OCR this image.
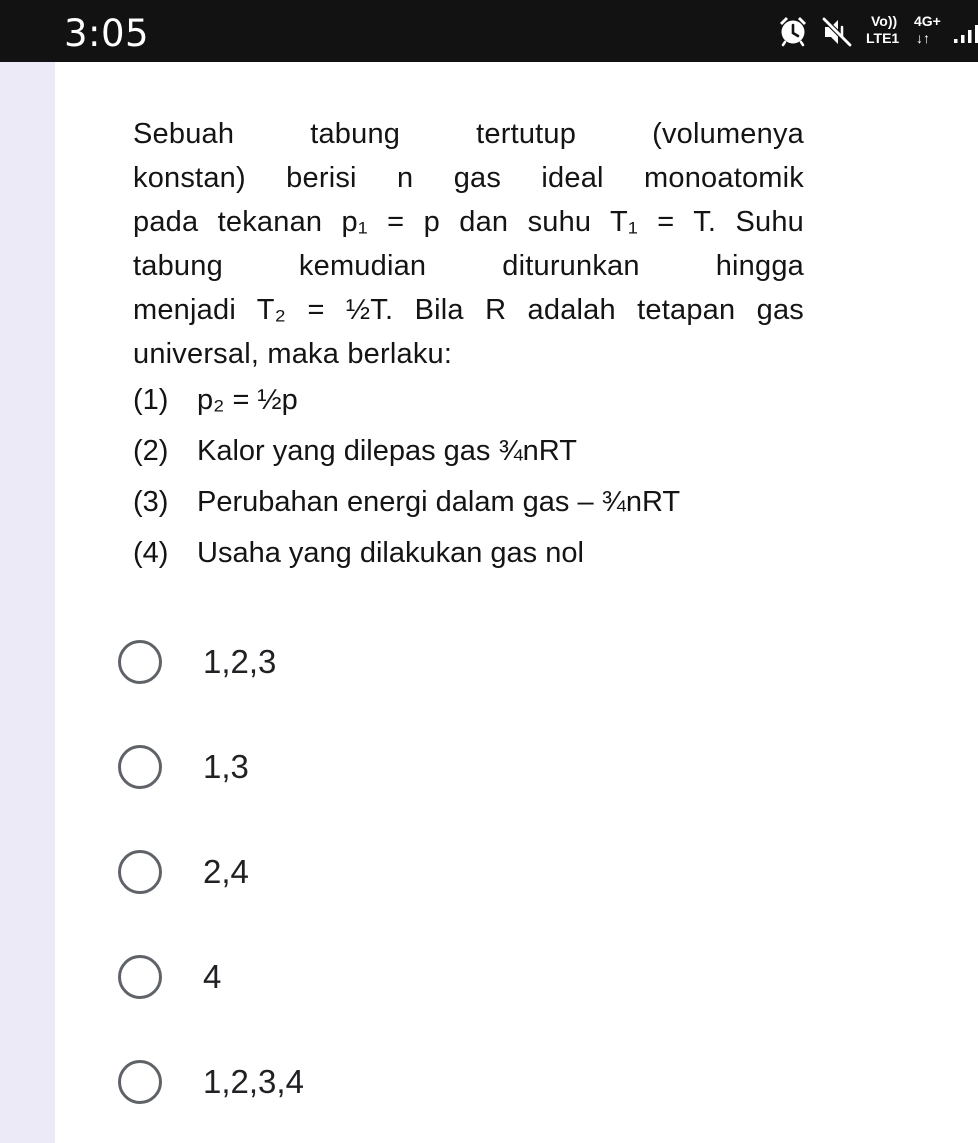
3:05	Vo))
LTE1
4G+
↓↑
Sebuah tabung tertutup (volumenya
konstan) berisi n gas ideal monoatomik
pada tekanan p₁ = p dan suhu T₁ = T. Suhu
tabung kemudian diturunkan hingga
menjadi T₂ = ½T. Bila R adalah tetapan gas
universal, maka berlaku:
(1) p₂ = ½p
(2) Kalor yang dilepas gas ¾nRT
(3) Perubahan energi dalam gas – ¾nRT
(4) Usaha yang dilakukan gas nol
1,2,3
1,3
2,4
4
1,2,3,4
